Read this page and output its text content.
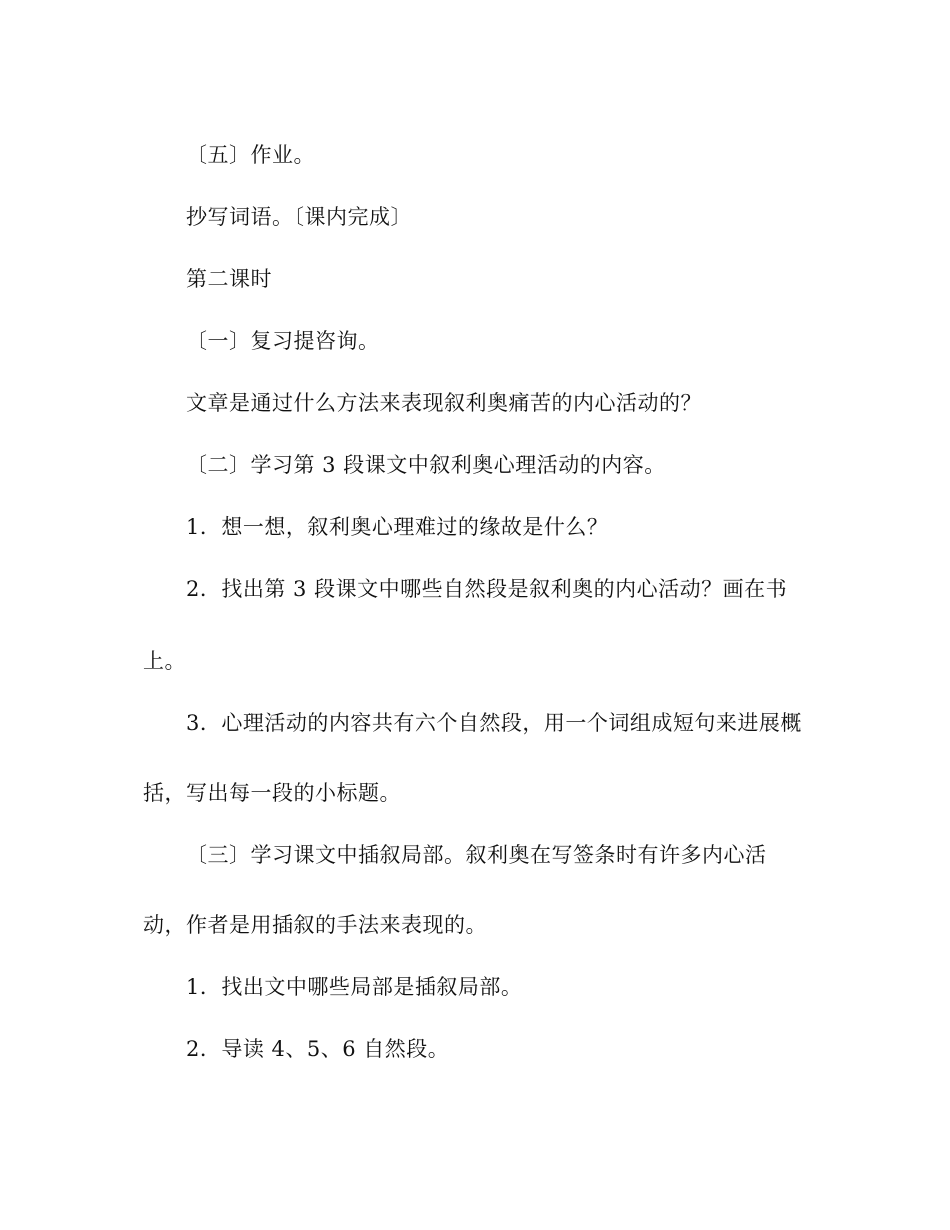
〔五〕作业。
抄写词语。〔课内完成〕
第二课时
〔一〕复习提咨询。
文章是通过什么方法来表现叙利奥痛苦的内心活动的？
〔二〕学习第 3 段课文中叙利奥心理活动的内容。
1．想一想，叙利奥心理难过的缘故是什么？
2．找出第 3 段课文中哪些自然段是叙利奥的内心活动？画在书
上。
3．心理活动的内容共有六个自然段，用一个词组成短句来进展概
括，写出每一段的小标题。
〔三〕学习课文中插叙局部。叙利奥在写签条时有许多内心活
动，作者是用插叙的手法来表现的。
1．找出文中哪些局部是插叙局部。
2．导读 4、5、6 自然段。
